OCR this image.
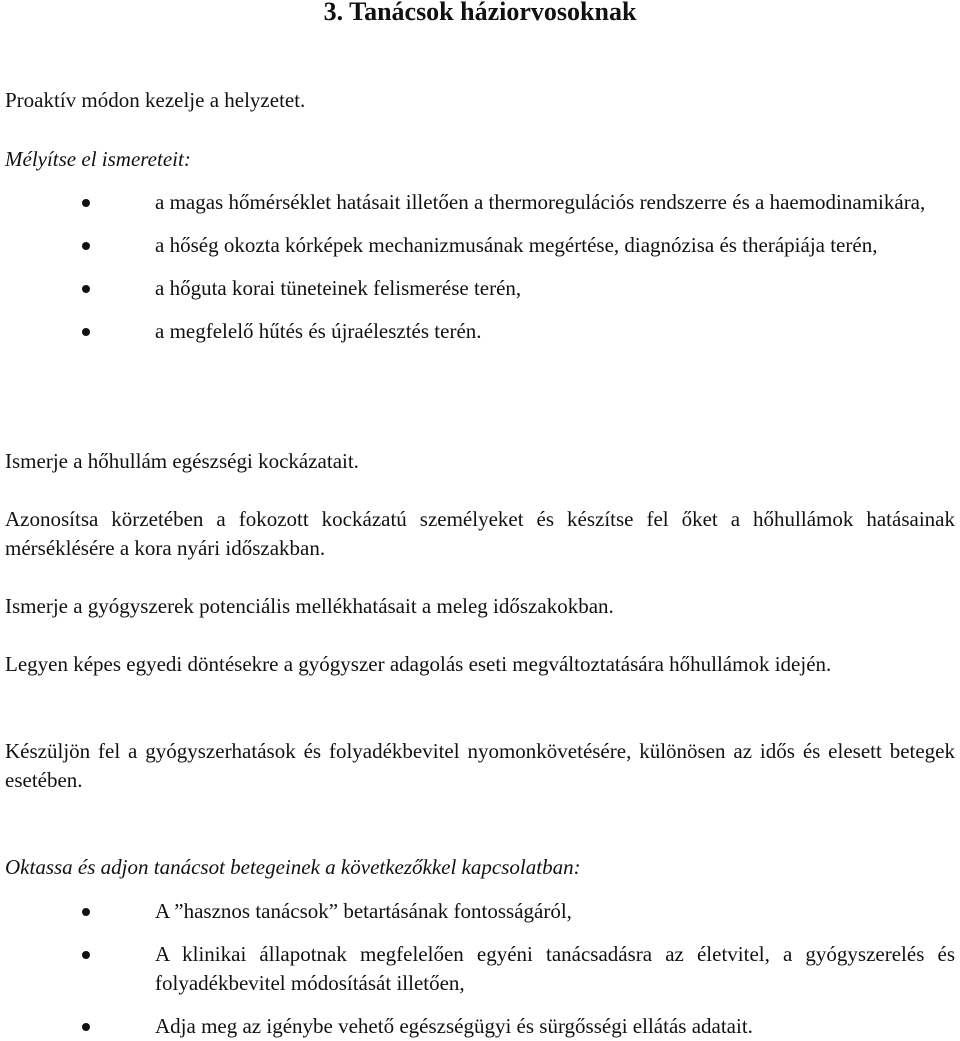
3. Tanácsok háziorvosoknak

Proaktív módon kezelje a helyzetet.

Mélyítse el ismereteit:

a magas hőmérséklet hatásait illetően a thermoregulációs rendszerre és a haemodinamikára,
a hőség okozta kórképek mechanizmusának megértése, diagnózisa és therápiája terén,
a hőguta korai tüneteinek felismerése terén,
a megfelelő hűtés és újraélesztés terén.

Ismerje a hőhullám egészségi kockázatait.

Azonosítsa körzetében a fokozott kockázatú személyeket és készítse fel őket a hőhullámok hatásainak mérséklésére a kora nyári időszakban.

Ismerje a gyógyszerek potenciális mellékhatásait a meleg időszakokban.

Legyen képes egyedi döntésekre a gyógyszer adagolás eseti megváltoztatására hőhullámok idején.

Készüljön fel a gyógyszerhatások és folyadékbevitel nyomonkövetésére, különösen az idős és elesett betegek esetében.

Oktassa és adjon tanácsot betegeinek a következőkkel kapcsolatban:

A ”hasznos tanácsok” betartásának fontosságáról,
A klinikai állapotnak megfelelően egyéni tanácsadásra az életvitel, a gyógyszerelés és folyadékbevitel módosítását illetően,
Adja meg az igénybe vehető egészségügyi és sürgősségi ellátás adatait.
